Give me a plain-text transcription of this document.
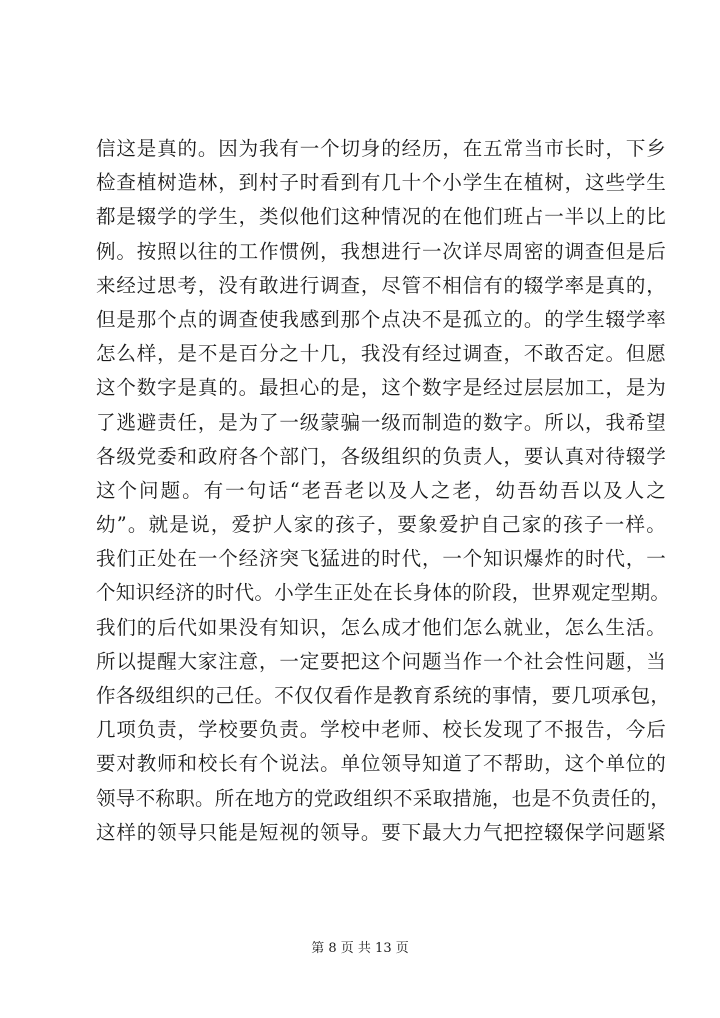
信这是真的。因为我有一个切身的经历，在五常当市长时，下乡
检查植树造林，到村子时看到有几十个小学生在植树，这些学生
都是辍学的学生，类似他们这种情况的在他们班占一半以上的比
例。按照以往的工作惯例，我想进行一次详尽周密的调查但是后
来经过思考，没有敢进行调查，尽管不相信有的辍学率是真的，
但是那个点的调查使我感到那个点决不是孤立的。的学生辍学率
怎么样，是不是百分之十几，我没有经过调查，不敢否定。但愿
这个数字是真的。最担心的是，这个数字是经过层层加工，是为
了逃避责任，是为了一级蒙骗一级而制造的数字。所以，我希望
各级党委和政府各个部门，各级组织的负责人，要认真对待辍学
这个问题。有一句话“老吾老以及人之老，幼吾幼吾以及人之
幼”。就是说，爱护人家的孩子，要象爱护自己家的孩子一样。
我们正处在一个经济突飞猛进的时代，一个知识爆炸的时代，一
个知识经济的时代。小学生正处在长身体的阶段，世界观定型期。
我们的后代如果没有知识，怎么成才他们怎么就业，怎么生活。
所以提醒大家注意，一定要把这个问题当作一个社会性问题，当
作各级组织的己任。不仅仅看作是教育系统的事情，要几项承包，
几项负责，学校要负责。学校中老师、校长发现了不报告，今后
要对教师和校长有个说法。单位领导知道了不帮助，这个单位的
领导不称职。所在地方的党政组织不采取措施，也是不负责任的，
这样的领导只能是短视的领导。要下最大力气把控辍保学问题紧
第 8 页 共 13 页
